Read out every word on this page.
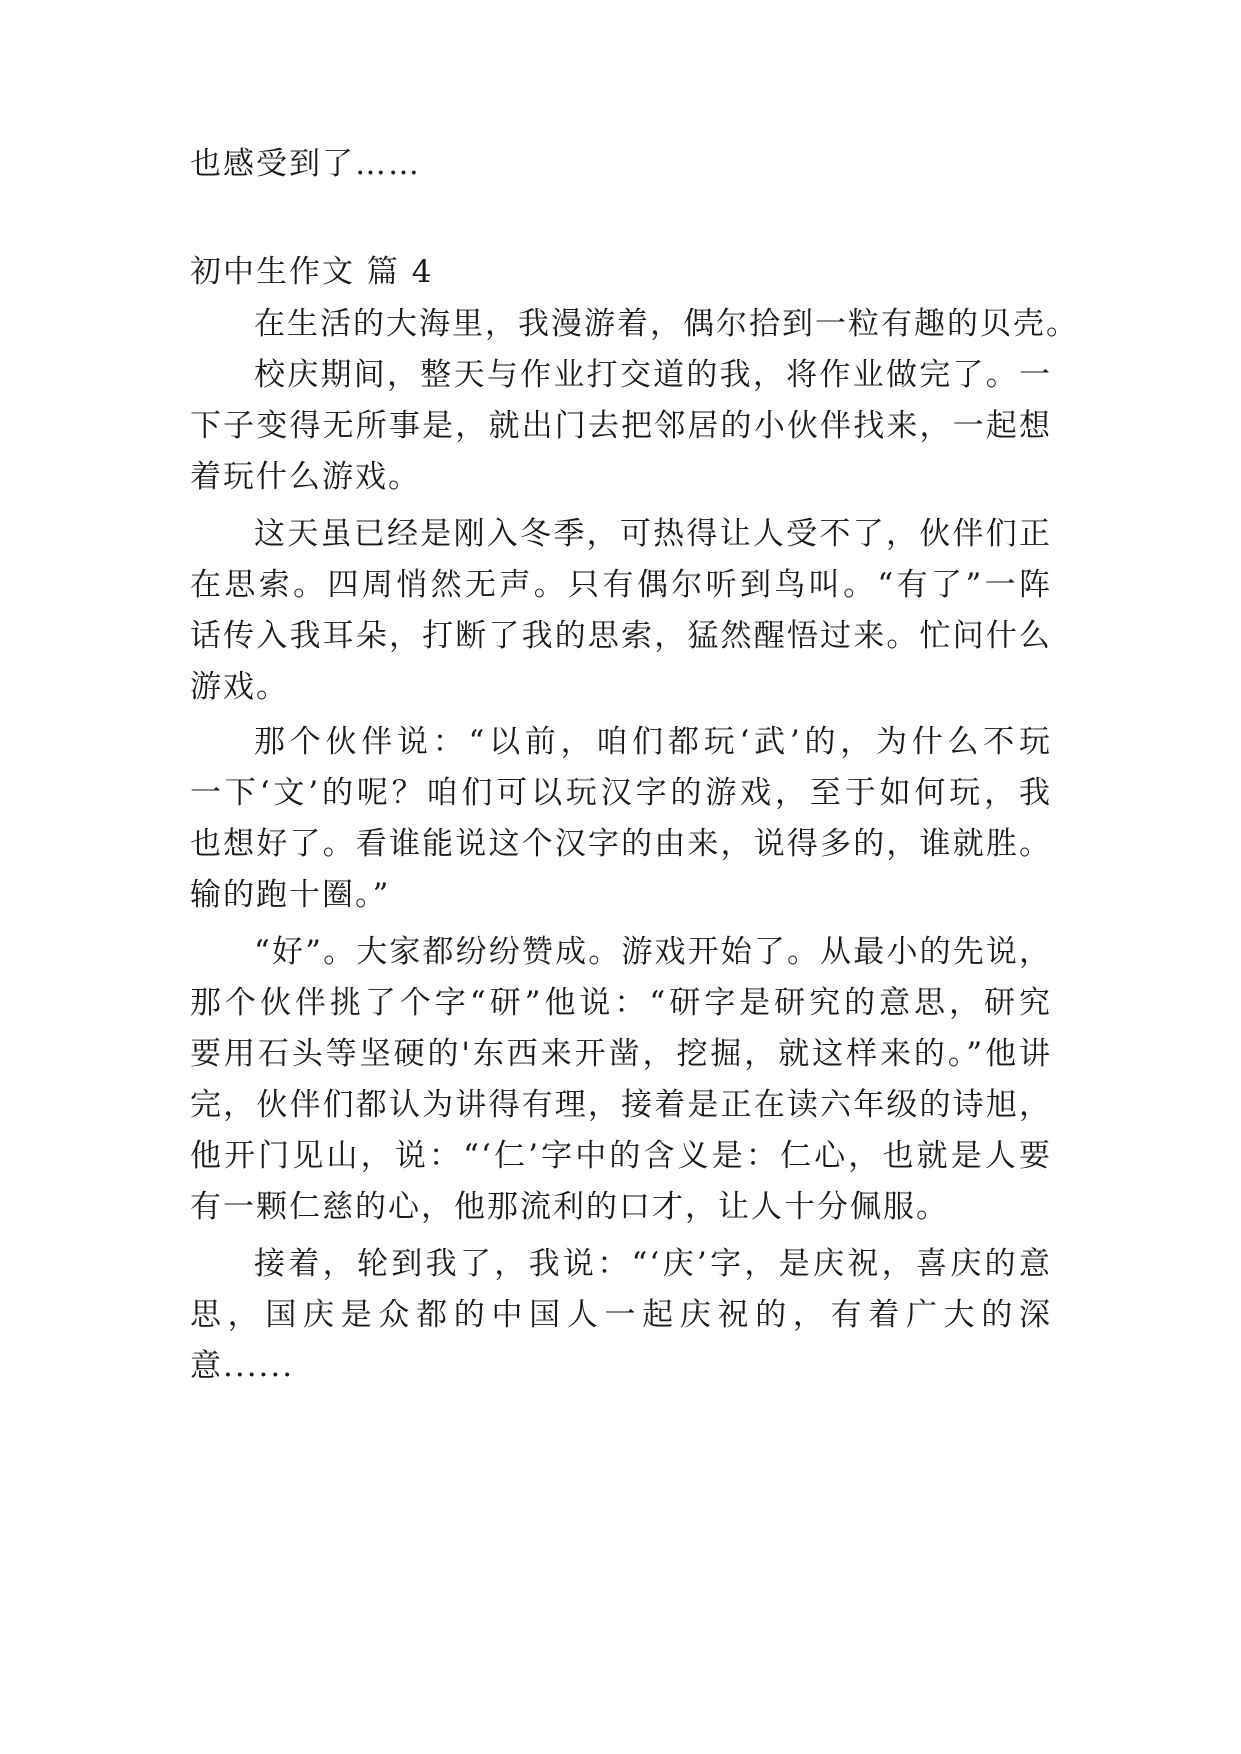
也感受到了……
初中生作文 篇 4
在生活的大海里，我漫游着，偶尔拾到一粒有趣的贝壳。
校庆期间，整天与作业打交道的我，将作业做完了。一
下子变得无所事是，就出门去把邻居的小伙伴找来，一起想
着玩什么游戏。
这天虽已经是刚入冬季，可热得让人受不了，伙伴们正
在思索。四周悄然无声。只有偶尔听到鸟叫。“有了”一阵
话传入我耳朵，打断了我的思索，猛然醒悟过来。忙问什么
游戏。
那个伙伴说：“以前，咱们都玩‘武’的，为什么不玩
一下‘文’的呢？咱们可以玩汉字的游戏，至于如何玩，我
也想好了。看谁能说这个汉字的由来，说得多的，谁就胜。
输的跑十圈。”
“好”。大家都纷纷赞成。游戏开始了。从最小的先说，
那个伙伴挑了个字“研”他说：“研字是研究的意思，研究
要用石头等坚硬的'东西来开凿，挖掘，就这样来的。”他讲
完，伙伴们都认为讲得有理，接着是正在读六年级的诗旭，
他开门见山，说：“‘仁’字中的含义是：仁心，也就是人要
有一颗仁慈的心，他那流利的口才，让人十分佩服。
接着，轮到我了，我说：“‘庆’字，是庆祝，喜庆的意
思，国庆是众都的中国人一起庆祝的，有着广大的深
意......
